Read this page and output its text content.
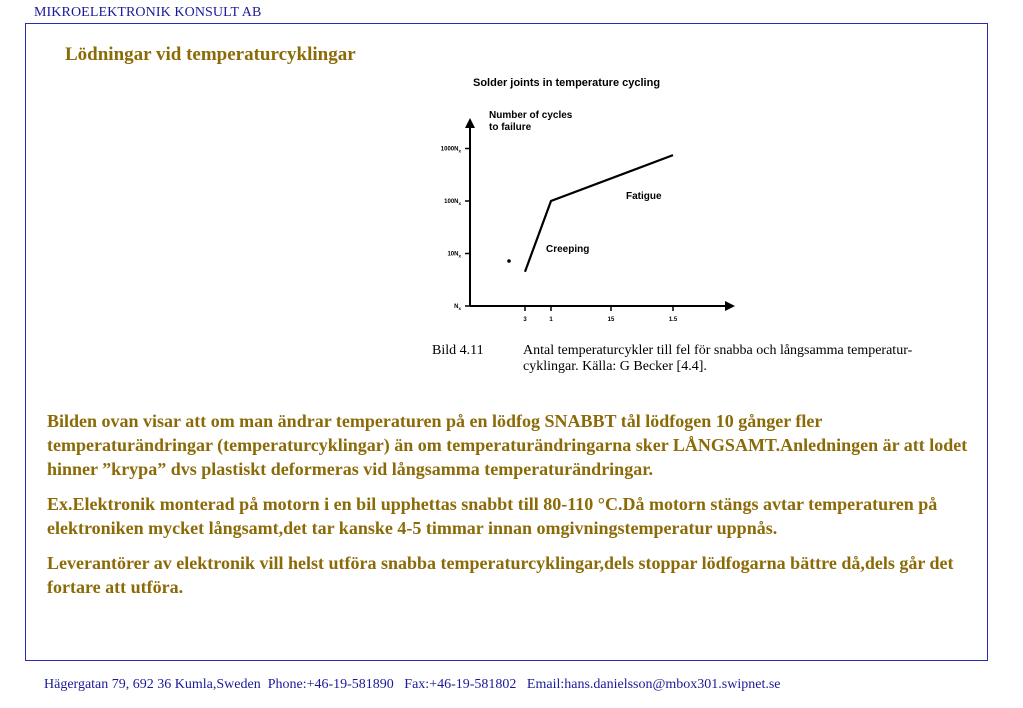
MIKROELEKTRONIK KONSULT AB
Lödningar vid temperaturcyklingar
Solder joints in temperature cycling
Number of cycles to failure
$N_x$
$10N_x$
$100N_x$
$1000N_x$
3	1	15	1.5
Fatigue
Creeping
Bild 4.11	Antal temperaturcykler till fel för snabba och långsamma temperatur-cyklingar. Källa: G Becker [4.4].

Bilden ovan visar att om man ändrar temperaturen på en lödfog SNABBT tål lödfogen 10 gånger fler temperaturändringar (temperaturcyklingar) än om temperaturändringarna sker LÅNGSAMT.Anledningen är att lodet hinner ”krypa” dvs plastiskt deformeras vid långsamma temperaturändringar.

Ex.Elektronik monterad på motorn i en bil upphettas snabbt till 80-110 °C.Då motorn stängs avtar temperaturen på elektroniken mycket långsamt,det tar kanske 4-5 timmar innan omgivningstemperatur uppnås.

Leverantörer av elektronik vill helst utföra snabba temperaturcyklingar,dels stoppar lödfogarna bättre då,dels går det fortare att utföra.

Hägergatan 79, 692 36 Kumla,Sweden  Phone:+46-19-581890   Fax:+46-19-581802   Email:hans.danielsson@mbox301.swipnet.se
